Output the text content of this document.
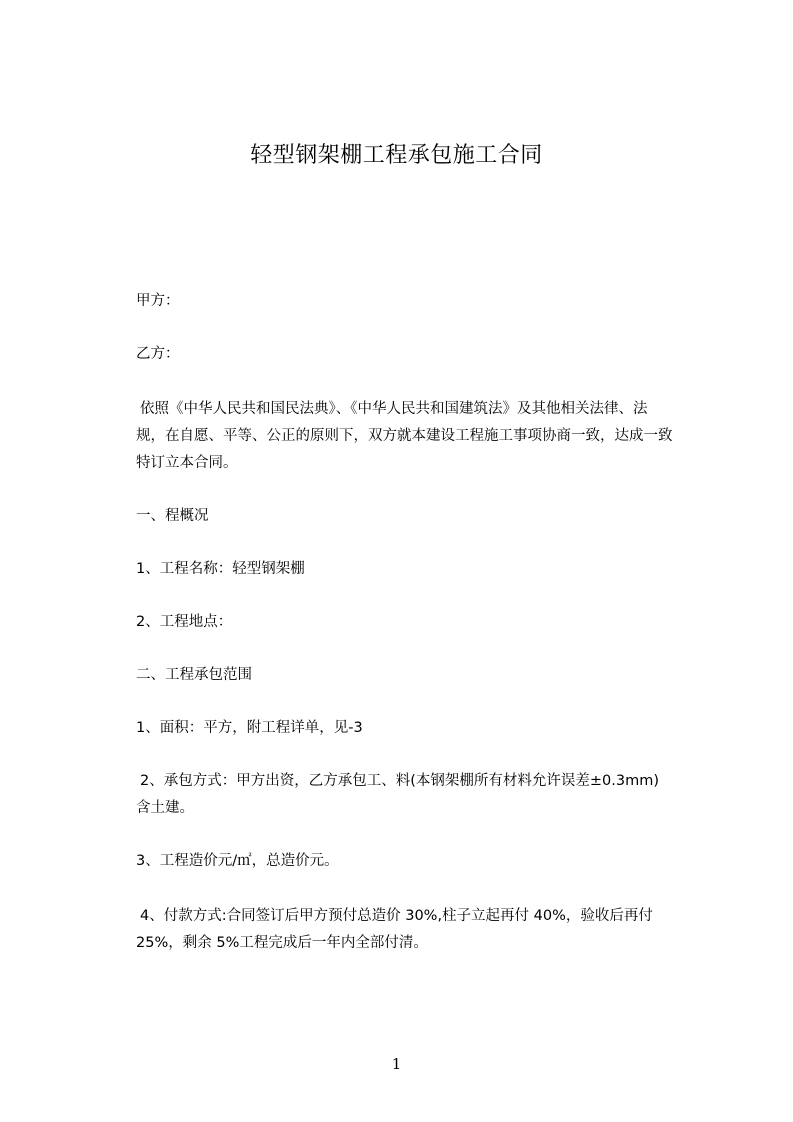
轻型钢架棚工程承包施工合同
甲方：
乙方：
依照《中华人民共和国民法典》、《中华人民共和国建筑法》及其他相关法律、法
规，在自愿、平等、公正的原则下，双方就本建设工程施工事项协商一致，达成一致
特订立本合同。
一、程概况
1、工程名称：轻型钢架棚
2、工程地点：
二、工程承包范围
1、面积：平方，附工程详单，见-3
2、承包方式：甲方出资，乙方承包工、料(本钢架棚所有材料允许误差±0.3mm)
含土建。
3、工程造价元/㎡，总造价元。
4、付款方式:合同签订后甲方预付总造价 30%,柱子立起再付 40%，验收后再付
25%，剩余 5%工程完成后一年内全部付清。
1
